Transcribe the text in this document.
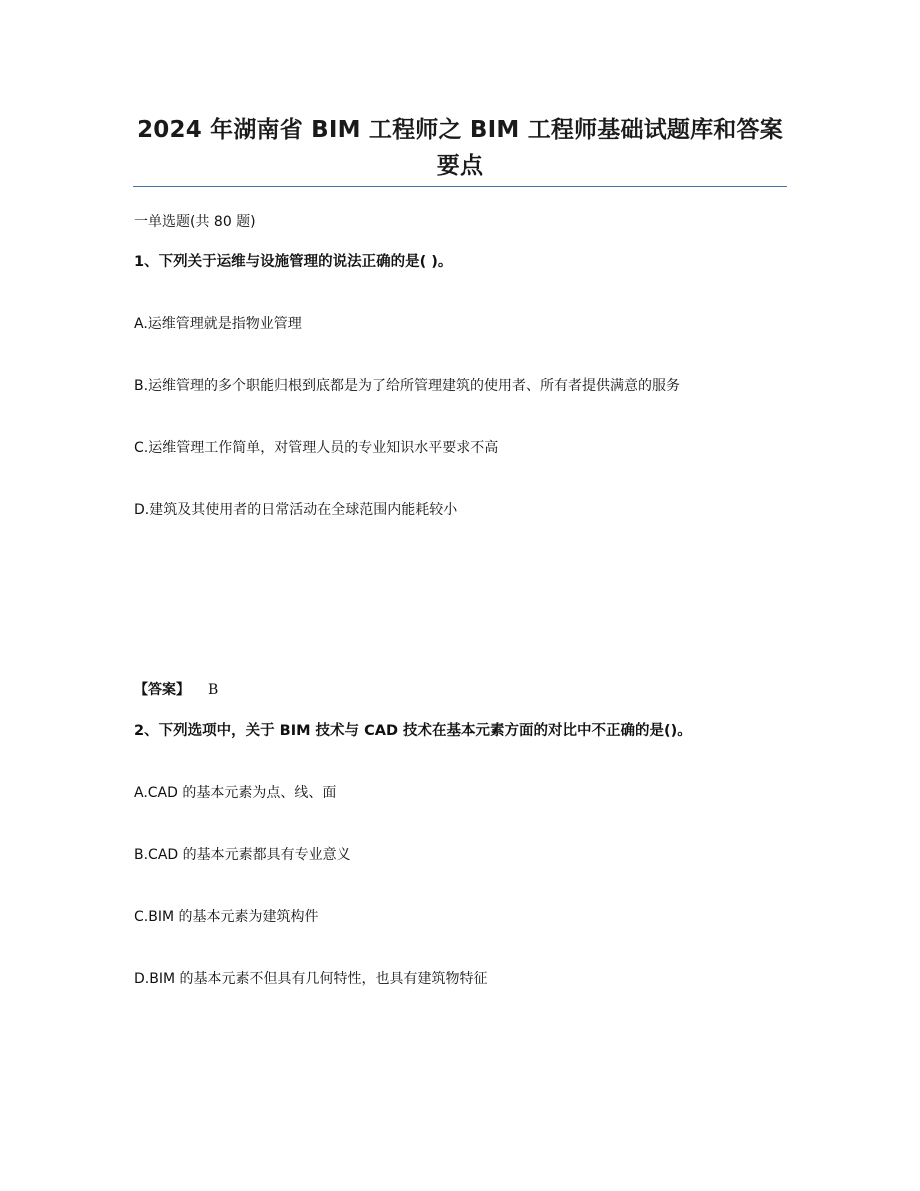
2024 年湖南省 BIM 工程师之 BIM 工程师基础试题库和答案
要点
一单选题(共 80 题)
1、下列关于运维与设施管理的说法正确的是( )。
A.运维管理就是指物业管理
B.运维管理的多个职能归根到底都是为了给所管理建筑的使用者、所有者提供满意的服务
C.运维管理工作简单，对管理人员的专业知识水平要求不高
D.建筑及其使用者的日常活动在全球范围内能耗较小
【答案】 B
2、下列选项中，关于 BIM 技术与 CAD 技术在基本元素方面的对比中不正确的是()。
A.CAD 的基本元素为点、线、面
B.CAD 的基本元素都具有专业意义
C.BIM 的基本元素为建筑构件
D.BIM 的基本元素不但具有几何特性，也具有建筑物特征
